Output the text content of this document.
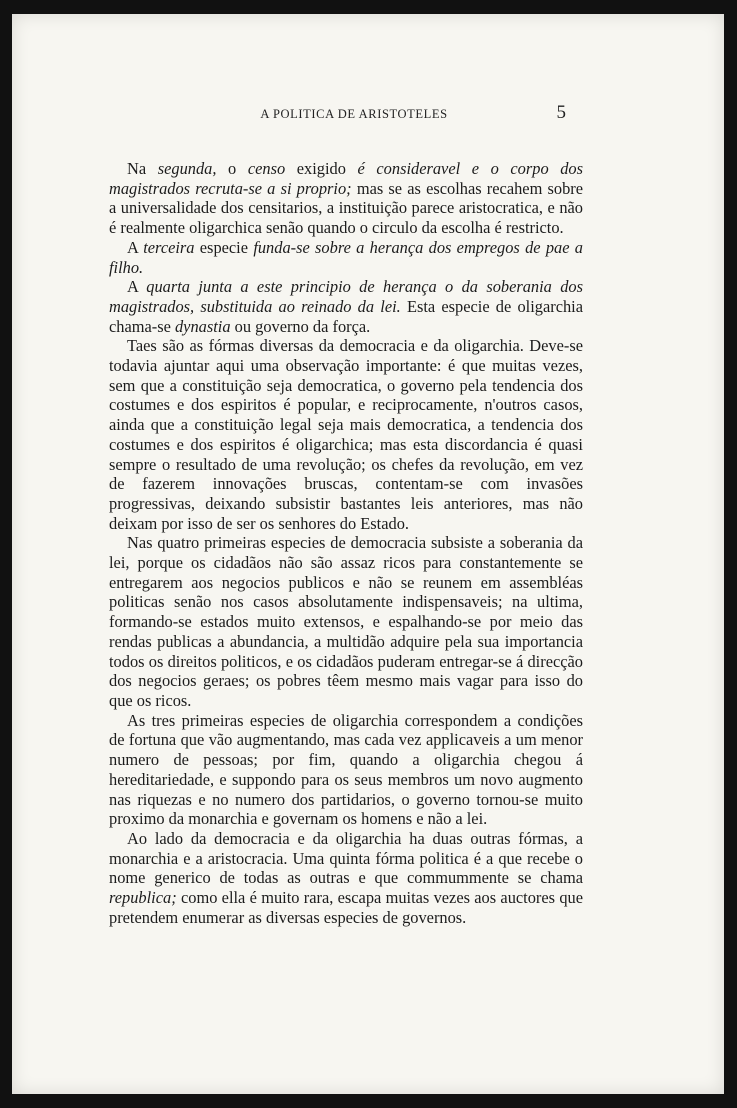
A POLITICA DE ARISTOTELES	5

Na segunda, o censo exigido é consideravel e o corpo dos magistrados recruta-se a si proprio; mas se as escolhas recahem sobre a universalidade dos censitarios, a instituição parece aristocratica, e não é realmente oligarchica senão quando o circulo da escolha é restricto.

A terceira especie funda-se sobre a herança dos empregos de pae a filho.

A quarta junta a este principio de herança o da soberania dos magistrados, substituida ao reinado da lei. Esta especie de oligarchia chama-se dynastia ou governo da força.

Taes são as fórmas diversas da democracia e da oligarchia. Deve-se todavia ajuntar aqui uma observação importante: é que muitas vezes, sem que a constituição seja democratica, o governo pela tendencia dos costumes e dos espiritos é popular, e reciprocamente, n'outros casos, ainda que a constituição legal seja mais democratica, a tendencia dos costumes e dos espiritos é oligarchica; mas esta discordancia é quasi sempre o resultado de uma revolução; os chefes da revolução, em vez de fazerem innovações bruscas, contentam-se com invasões progressivas, deixando subsistir bastantes leis anteriores, mas não deixam por isso de ser os senhores do Estado.

Nas quatro primeiras especies de democracia subsiste a soberania da lei, porque os cidadãos não são assaz ricos para constantemente se entregarem aos negocios publicos e não se reunem em assembléas politicas senão nos casos absolutamente indispensaveis; na ultima, formando-se estados muito extensos, e espalhando-se por meio das rendas publicas a abundancia, a multidão adquire pela sua importancia todos os direitos politicos, e os cidadãos puderam entregar-se á direcção dos negocios geraes; os pobres têem mesmo mais vagar para isso do que os ricos.

As tres primeiras especies de oligarchia correspondem a condições de fortuna que vão augmentando, mas cada vez applicaveis a um menor numero de pessoas; por fim, quando a oligarchia chegou á hereditariedade, e suppondo para os seus membros um novo augmento nas riquezas e no numero dos partidarios, o governo tornou-se muito proximo da monarchia e governam os homens e não a lei.

Ao lado da democracia e da oligarchia ha duas outras fórmas, a monarchia e a aristocracia. Uma quinta fórma politica é a que recebe o nome generico de todas as outras e que commummente se chama republica; como ella é muito rara, escapa muitas vezes aos auctores que pretendem enumerar as diversas especies de governos.
